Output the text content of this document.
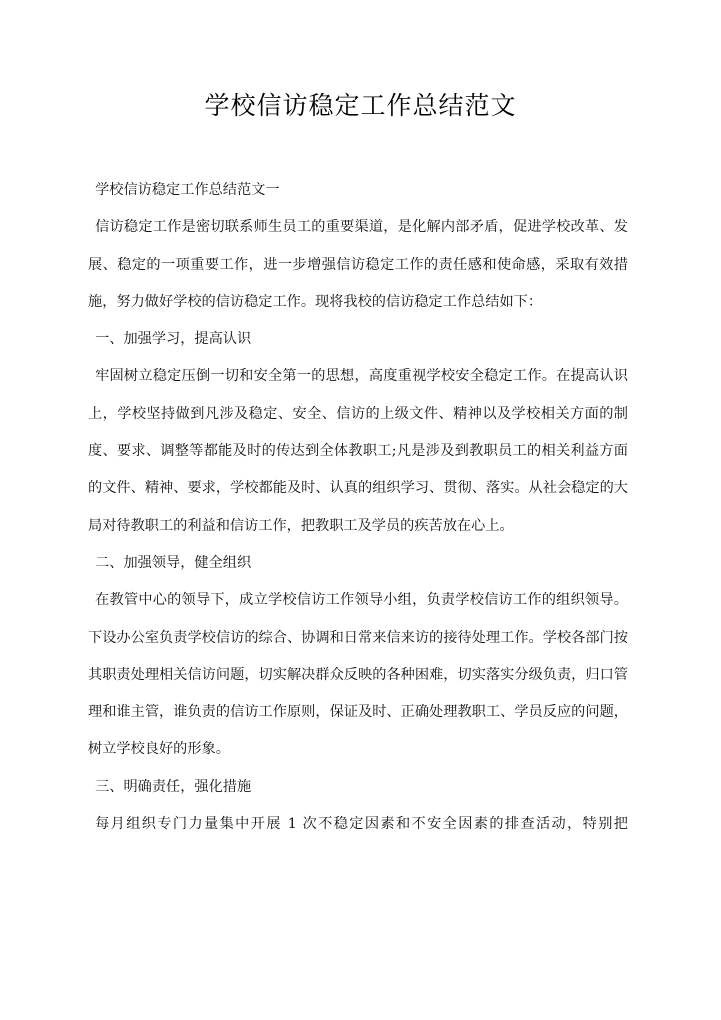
学校信访稳定工作总结范文

学校信访稳定工作总结范文一

信访稳定工作是密切联系师生员工的重要渠道，是化解内部矛盾，促进学校改革、发展、稳定的一项重要工作，进一步增强信访稳定工作的责任感和使命感，采取有效措施，努力做好学校的信访稳定工作。现将我校的信访稳定工作总结如下：

一、加强学习，提高认识

牢固树立稳定压倒一切和安全第一的思想，高度重视学校安全稳定工作。在提高认识上，学校坚持做到凡涉及稳定、安全、信访的上级文件、精神以及学校相关方面的制度、要求、调整等都能及时的传达到全体教职工;凡是涉及到教职员工的相关利益方面的文件、精神、要求，学校都能及时、认真的组织学习、贯彻、落实。从社会稳定的大局对待教职工的利益和信访工作，把教职工及学员的疾苦放在心上。

二、加强领导，健全组织

在教管中心的领导下，成立学校信访工作领导小组，负责学校信访工作的组织领导。下设办公室负责学校信访的综合、协调和日常来信来访的接待处理工作。学校各部门按其职责处理相关信访问题，切实解决群众反映的各种困难，切实落实分级负责，归口管理和谁主管，谁负责的信访工作原则，保证及时、正确处理教职工、学员反应的问题，树立学校良好的形象。

三、明确责任，强化措施

每月组织专门力量集中开展 1 次不稳定因素和不安全因素的排查活动，特别把
